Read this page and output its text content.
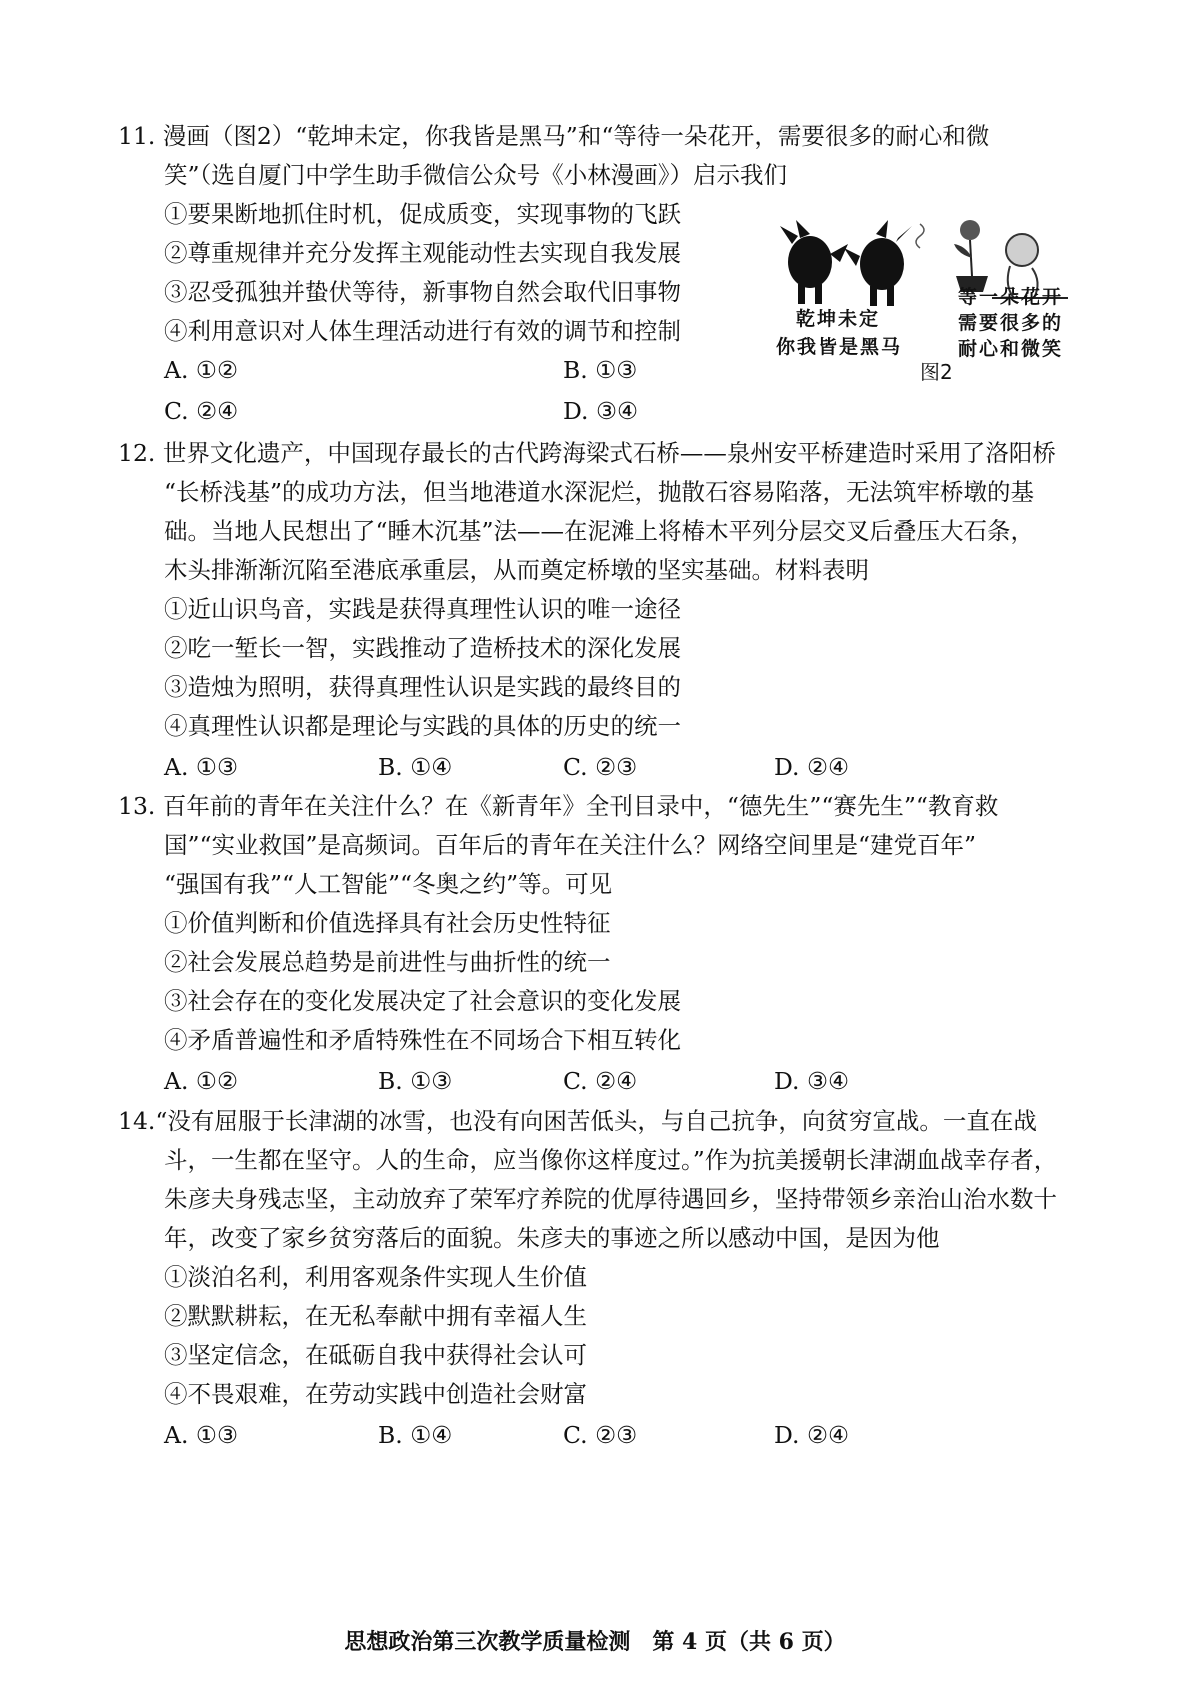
11. 漫画（图2）“乾坤未定，你我皆是黑马”和“等待一朵花开，需要很多的耐心和微
笑”（选自厦门中学生助手微信公众号《小林漫画》）启示我们
①要果断地抓住时机，促成质变，实现事物的飞跃
②尊重规律并充分发挥主观能动性去实现自我发展
③忍受孤独并蛰伏等待，新事物自然会取代旧事物
④利用意识对人体生理活动进行有效的调节和控制
A. ①②	B. ①③
C. ②④	D. ③④
乾坤未定
你我皆是黑马
等一朵花开
需要很多的
耐心和微笑
图2
12. 世界文化遗产，中国现存最长的古代跨海梁式石桥——泉州安平桥建造时采用了洛阳桥
“长桥浅基”的成功方法，但当地港道水深泥烂，抛散石容易陷落，无法筑牢桥墩的基
础。当地人民想出了“睡木沉基”法——在泥滩上将椿木平列分层交叉后叠压大石条，
木头排渐渐沉陷至港底承重层，从而奠定桥墩的坚实基础。材料表明
①近山识鸟音，实践是获得真理性认识的唯一途径
②吃一堑长一智，实践推动了造桥技术的深化发展
③造烛为照明，获得真理性认识是实践的最终目的
④真理性认识都是理论与实践的具体的历史的统一
A. ①③	B. ①④	C. ②③	D. ②④
13. 百年前的青年在关注什么？在《新青年》全刊目录中，“德先生”“赛先生”“教育救
国”“实业救国”是高频词。百年后的青年在关注什么？网络空间里是“建党百年”
“强国有我”“人工智能”“冬奥之约”等。可见
①价值判断和价值选择具有社会历史性特征
②社会发展总趋势是前进性与曲折性的统一
③社会存在的变化发展决定了社会意识的变化发展
④矛盾普遍性和矛盾特殊性在不同场合下相互转化
A. ①②	B. ①③	C. ②④	D. ③④
14.“没有屈服于长津湖的冰雪，也没有向困苦低头，与自己抗争，向贫穷宣战。一直在战
斗，一生都在坚守。人的生命，应当像你这样度过。”作为抗美援朝长津湖血战幸存者，
朱彦夫身残志坚，主动放弃了荣军疗养院的优厚待遇回乡，坚持带领乡亲治山治水数十
年，改变了家乡贫穷落后的面貌。朱彦夫的事迹之所以感动中国，是因为他
①淡泊名利，利用客观条件实现人生价值
②默默耕耘，在无私奉献中拥有幸福人生
③坚定信念，在砥砺自我中获得社会认可
④不畏艰难，在劳动实践中创造社会财富
A. ①③	B. ①④	C. ②③	D. ②④
思想政治第三次教学质量检测　第 4 页（共 6 页）
